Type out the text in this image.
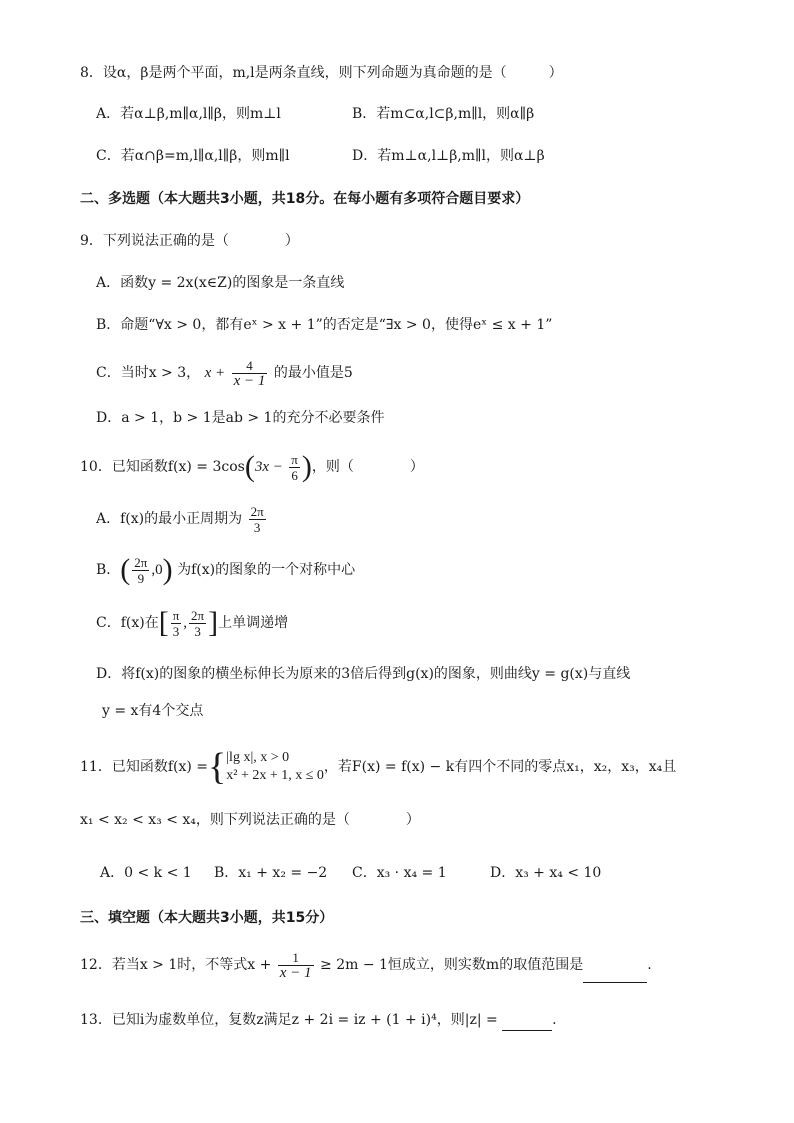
8．设α，β是两个平面，m,l是两条直线，则下列命题为真命题的是（　　　）
A．若α⊥β,m∥α,l∥β，则m⊥l	B．若m⊂α,l⊂β,m∥l，则α∥β
C．若α∩β=m,l∥α,l∥β，则m∥l	D．若m⊥α,l⊥β,m∥l，则α⊥β
二、多选题（本大题共3小题，共18分。在每小题有多项符合题目要求）
9．下列说法正确的是（　　　　）
A．函数y = 2x(x∈Z)的图象是一条直线
B．命题“∀x > 0，都有eˣ > x + 1”的否定是“∃x > 0，使得eˣ ≤ x + 1”
C．当时x > 3， $x + \frac{4}{x - 1}$ 的最小值是5
D．a > 1，b > 1是ab > 1的充分不必要条件
10．已知函数$f(x) = 3\cos(3x - \frac{\pi}{6}$ )，则（　　　　）
A．f(x)的最小正周期为 $\frac{2\pi}{3}$
B．( $\frac{2\pi}{9} ,0$) 为f(x)的图象的一个对称中心
C．f(x)在[ $\frac{\pi}{3}$ , $\frac{2\pi}{3}$ ]上单调递增
D．将f(x)的图象的横坐标伸长为原来的3倍后得到g(x)的图象，则曲线y = g(x)与直线
y = x有4个交点
11．已知函数f(x) ={ |lg x|, x > 0
x² + 2x + 1, x ≤ 0
，若F(x) = f(x) − k有四个不同的零点x₁，x₂，x₃，x₄且
x₁ < x₂ < x₃ < x₄，则下列说法正确的是（　　　　）
A．0 < k < 1 B．x₁ + x₂ = −2 C．x₃ · x₄ = 1	D．x₃ + x₄ < 10
三、填空题（本大题共3小题，共15分）
12．若当x > 1时，不等式$x + \frac{1}{x - 1} \ge 2m - 1$恒成立，则实数m的取值范围是	.
13．已知i为虚数单位，复数z满足z + 2i = iz + (1 + i)⁴，则|z| =	.
